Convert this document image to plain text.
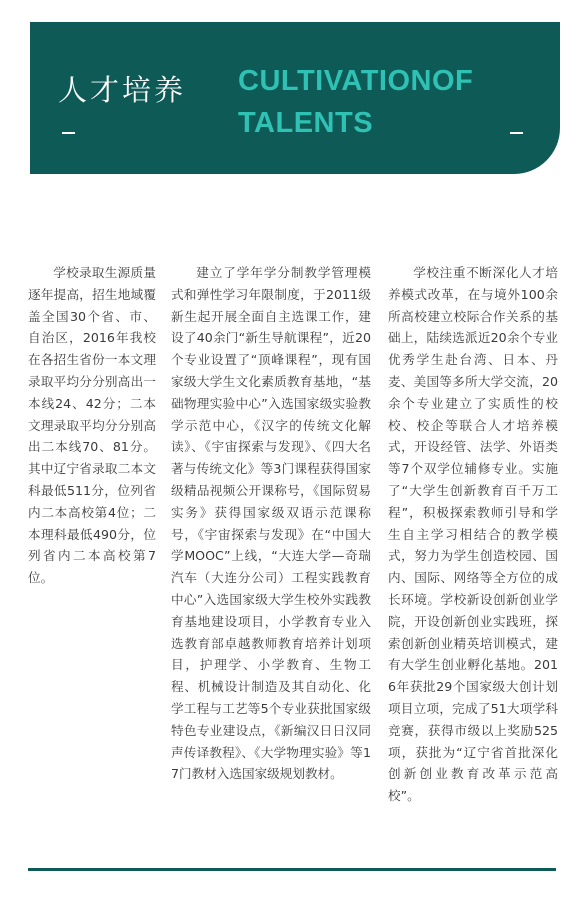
人才培养 CULTIVATIONOF TALENTS

学校录取生源质量逐年提高，招生地域覆盖全国30个省、市、自治区，2016年我校在各招生省份一本文理录取平均分分别高出一本线24、42分；二本文理录取平均分分别高出二本线70、81分。其中辽宁省录取二本文科最低511分，位列省内二本高校第4位；二本理科最低490分，位列省内二本高校第7位。

建立了学年学分制教学管理模式和弹性学习年限制度，于2011级新生起开展全面自主选课工作，建设了40余门“新生导航课程”，近20个专业设置了“顶峰课程”，现有国家级大学生文化素质教育基地，“基础物理实验中心”入选国家级实验教学示范中心，《汉字的传统文化解读》、《宇宙探索与发现》、《四大名著与传统文化》等3门课程获得国家级精品视频公开课称号，《国际贸易实务》获得国家级双语示范课称号，《宇宙探索与发现》在“中国大学MOOC”上线，“大连大学—奇瑞汽车（大连分公司）工程实践教育中心”入选国家级大学生校外实践教育基地建设项目，小学教育专业入选教育部卓越教师教育培养计划项目，护理学、小学教育、生物工程、机械设计制造及其自动化、化学工程与工艺等5个专业获批国家级特色专业建设点，《新编汉日日汉同声传译教程》、《大学物理实验》等17门教材入选国家级规划教材。

学校注重不断深化人才培养模式改革，在与境外100余所高校建立校际合作关系的基础上，陆续选派近20余个专业优秀学生赴台湾、日本、丹麦、美国等多所大学交流，20余个专业建立了实质性的校校、校企等联合人才培养模式，开设经管、法学、外语类等7个双学位辅修专业。实施了“大学生创新教育百千万工程”，积极探索教师引导和学生自主学习相结合的教学模式，努力为学生创造校园、国内、国际、网络等全方位的成长环境。学校新设创新创业学院，开设创新创业实践班，探索创新创业精英培训模式，建有大学生创业孵化基地。2016年获批29个国家级大创计划项目立项，完成了51大项学科竞赛，获得市级以上奖励525项，获批为“辽宁省首批深化创新创业教育改革示范高校”。
